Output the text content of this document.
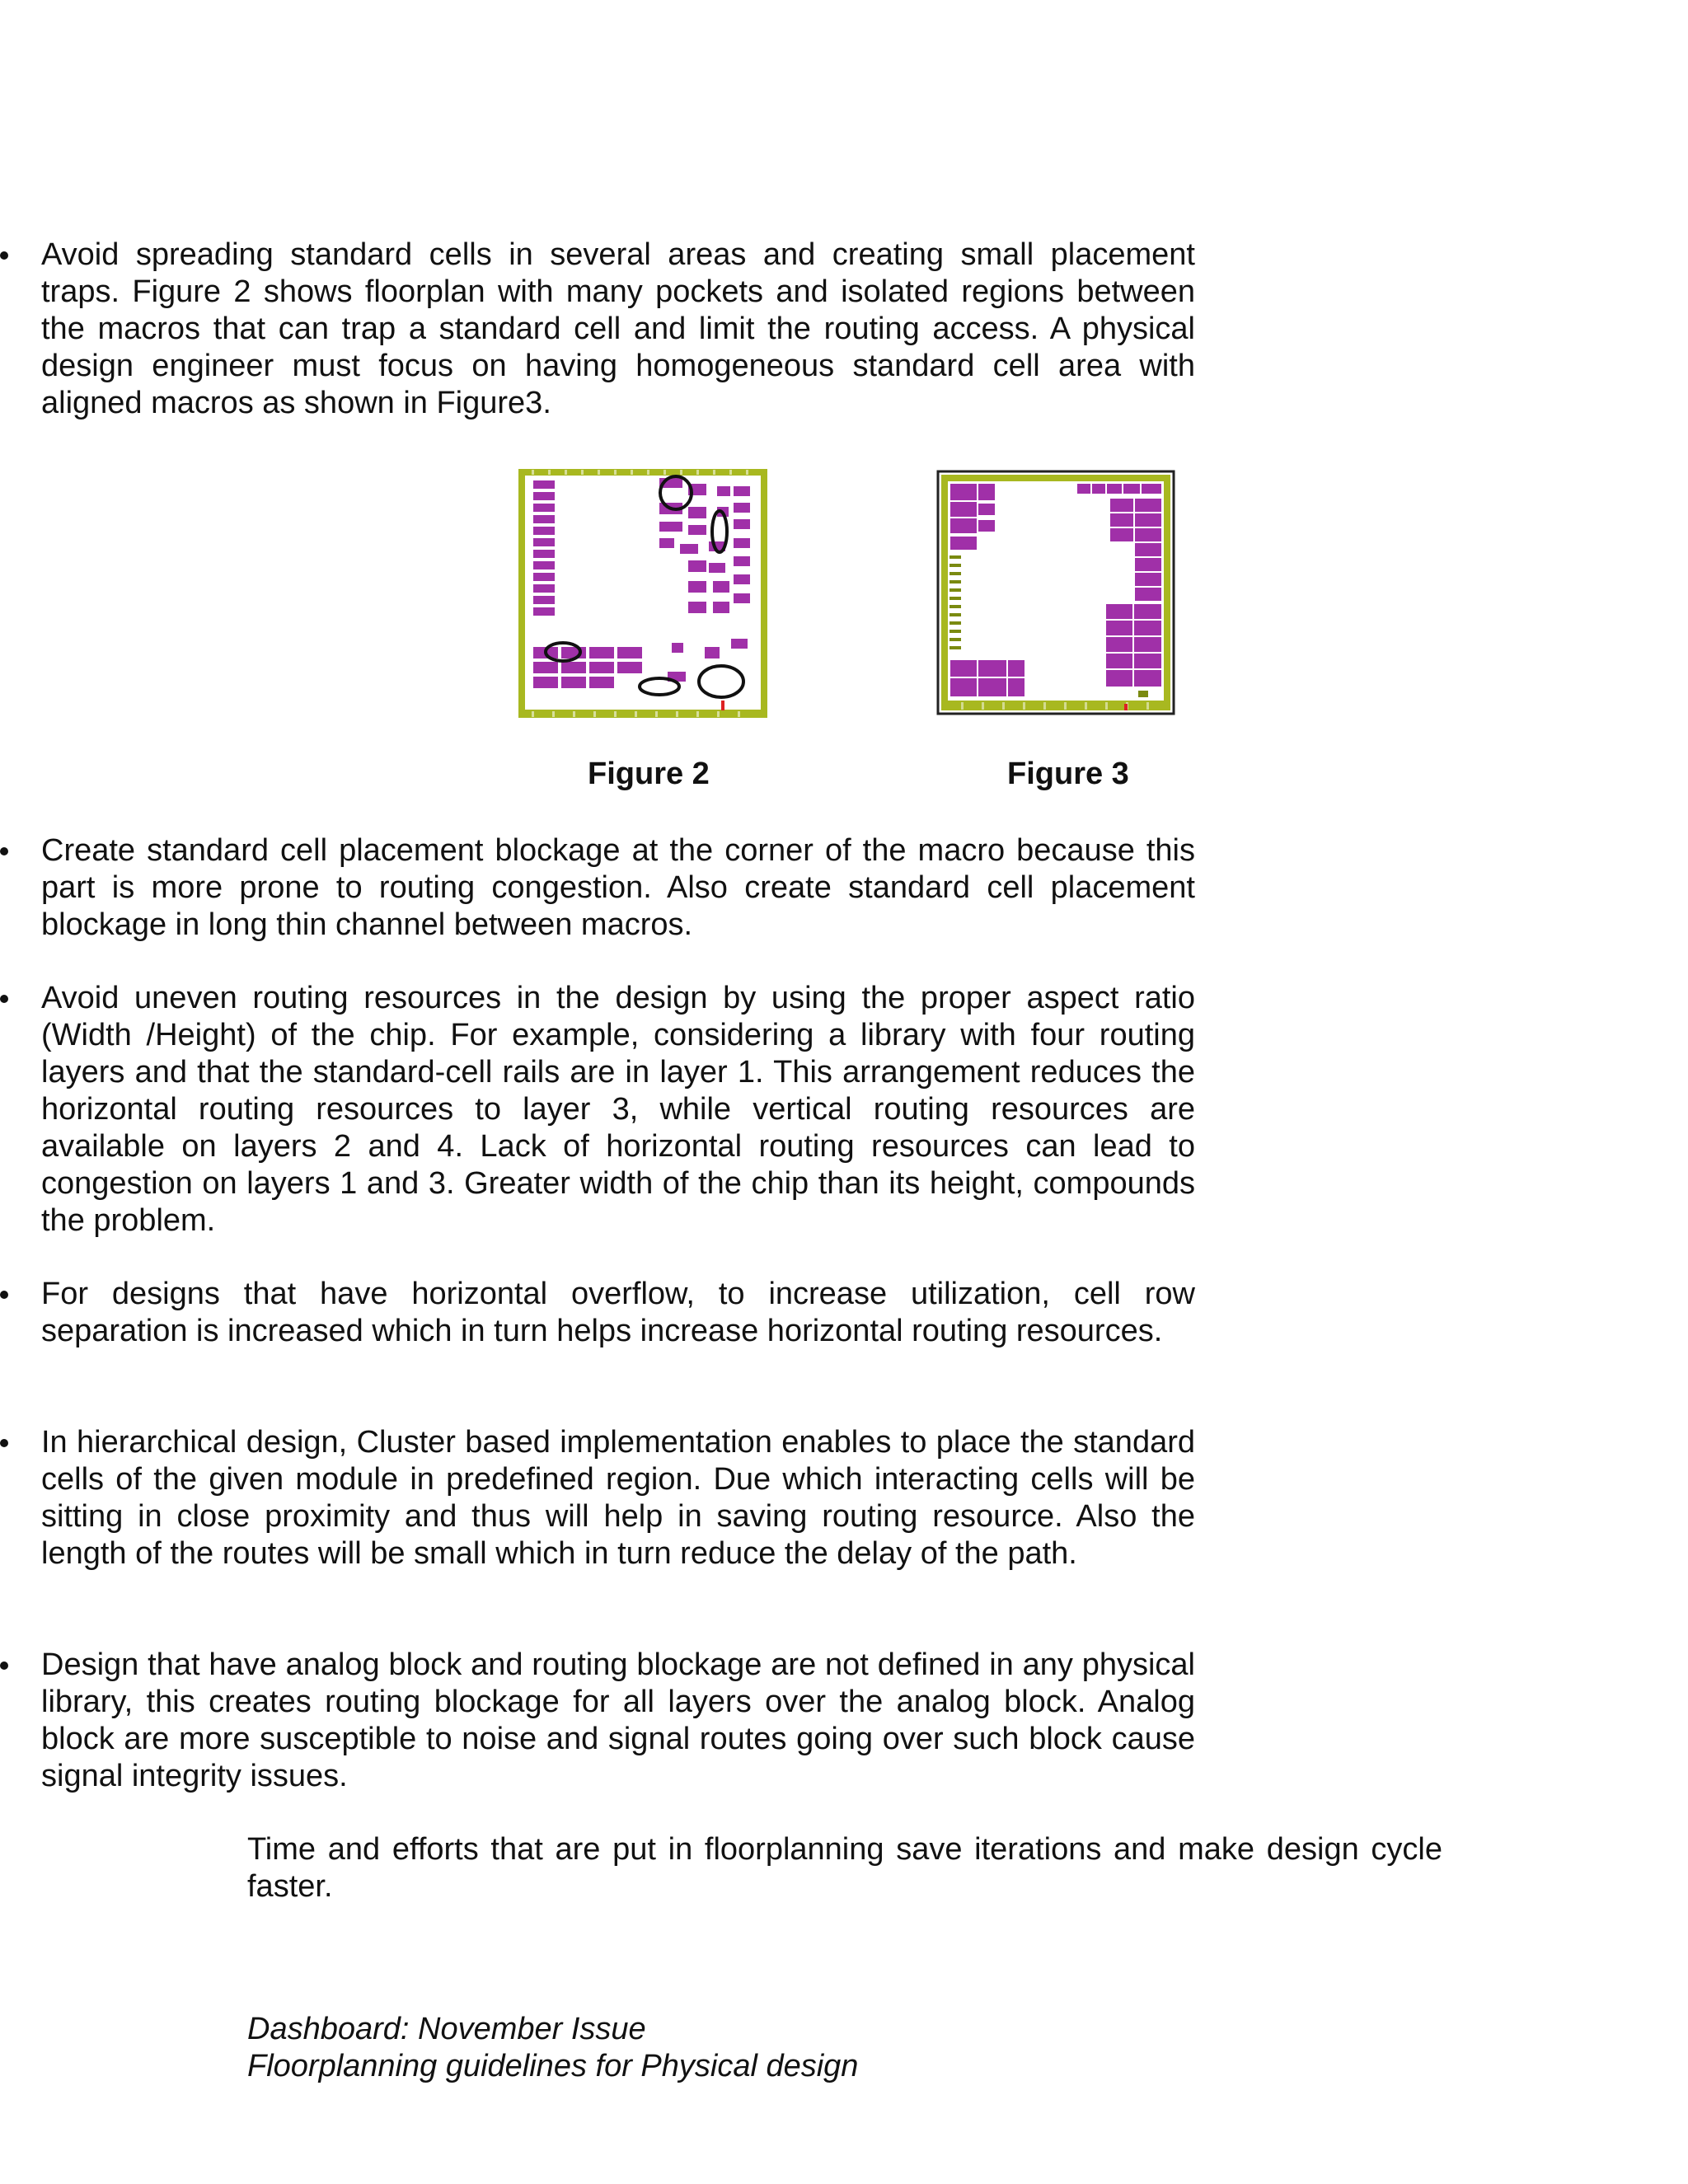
Avoid spreading standard cells in several areas and creating small placement traps. Figure 2 shows floorplan with many pockets and isolated regions between the macros that can trap a standard cell and limit the routing access. A physical design engineer must focus on having homogeneous standard cell area with aligned macros as shown in Figure3.
Figure 2	Figure 3
Create standard cell placement blockage at the corner of the macro because this part is more prone to routing congestion. Also create standard cell placement blockage in long thin channel between macros.
Avoid uneven routing resources in the design by using the proper aspect ratio (Width /Height) of the chip. For example, considering a library with four routing layers and that the standard-cell rails are in layer 1. This arrangement reduces the horizontal routing resources to layer 3, while vertical routing resources are available on layers 2 and 4. Lack of horizontal routing resources can lead to congestion on layers 1 and 3. Greater width of the chip than its height, compounds the problem.
For designs that have horizontal overflow, to increase utilization, cell row separation is increased which in turn helps increase horizontal routing resources.
In hierarchical design, Cluster based implementation enables to place the standard cells of the given module in predefined region. Due which interacting cells will be sitting in close proximity and thus will help in saving routing resource. Also the length of the routes will be small which in turn reduce the delay of the path.
Design that have analog block and routing blockage are not defined in any physical library, this creates routing blockage for all layers over the analog block. Analog block are more susceptible to noise and signal routes going over such block cause signal integrity issues.
Time and efforts that are put in floorplanning save iterations and make design cycle faster.
Dashboard: November Issue
Floorplanning guidelines for Physical design
